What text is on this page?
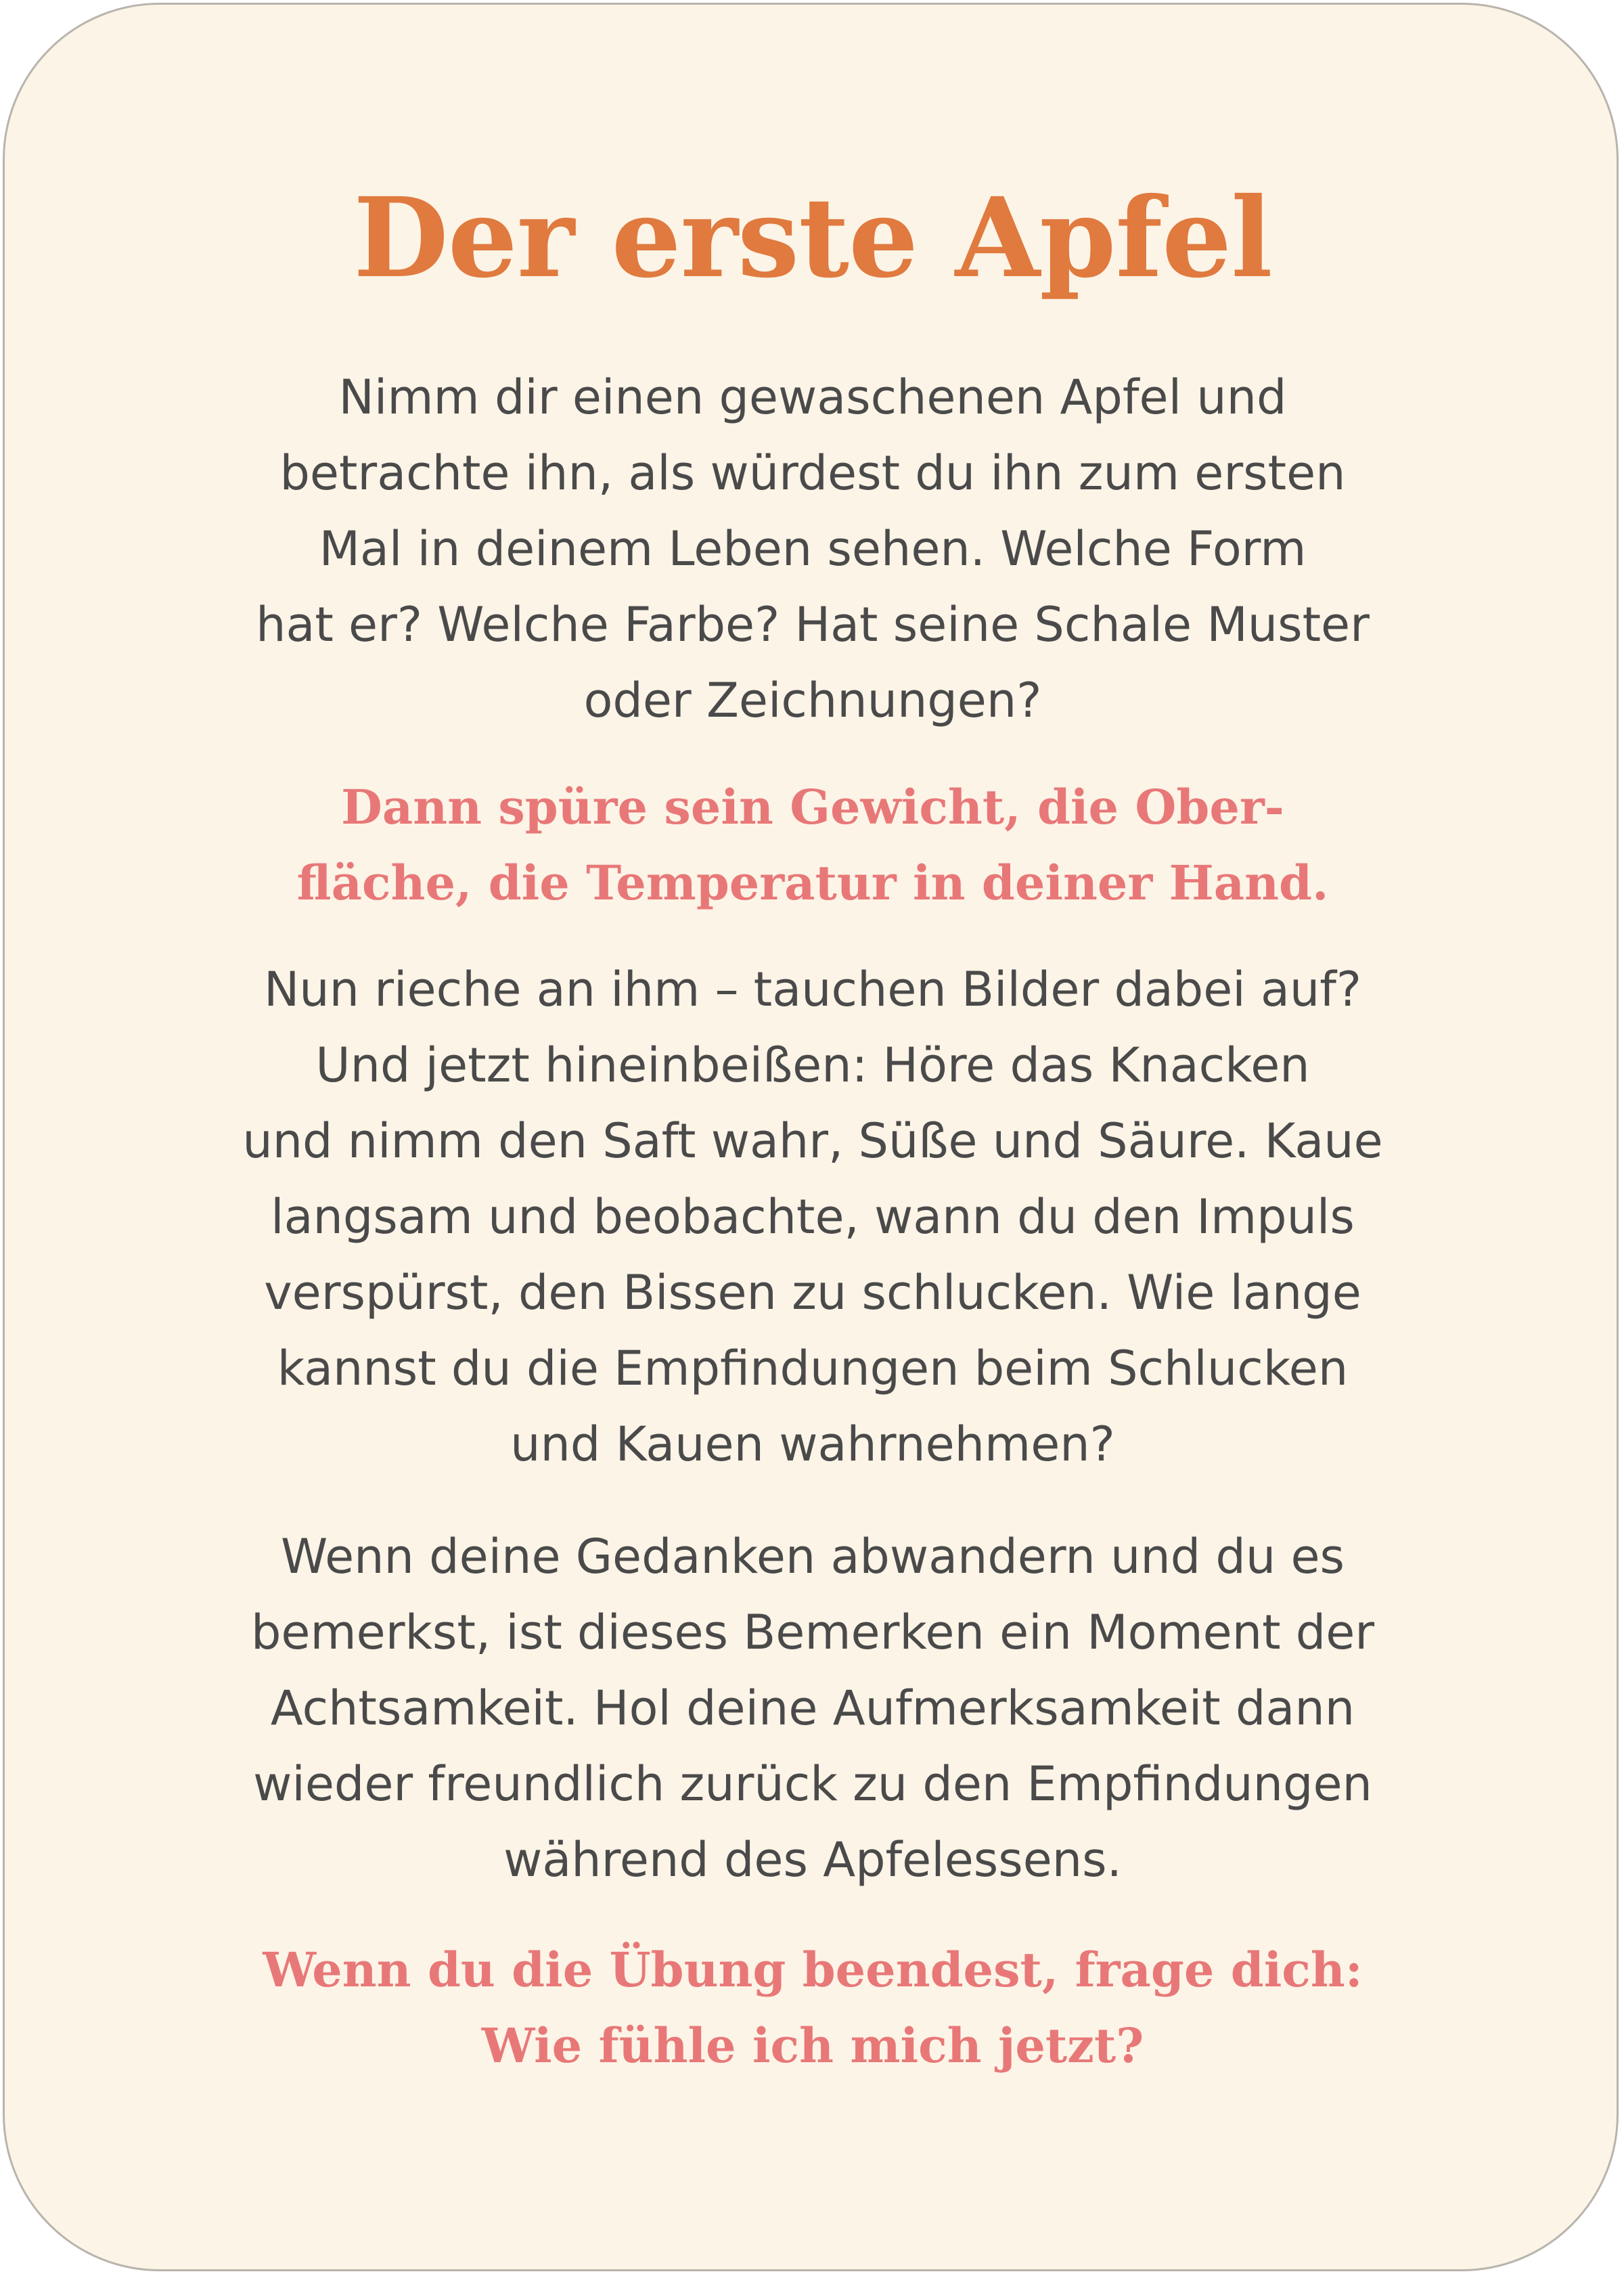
Der erste Apfel

Nimm dir einen gewaschenen Apfel und
betrachte ihn, als würdest du ihn zum ersten
Mal in deinem Leben sehen. Welche Form
hat er? Welche Farbe? Hat seine Schale Muster
oder Zeichnungen?

Dann spüre sein Gewicht, die Ober-
fläche, die Temperatur in deiner Hand.

Nun rieche an ihm – tauchen Bilder dabei auf?
Und jetzt hineinbeißen: Höre das Knacken
und nimm den Saft wahr, Süße und Säure. Kaue
langsam und beobachte, wann du den Impuls
verspürst, den Bissen zu schlucken. Wie lange
kannst du die Empfindungen beim Schlucken
und Kauen wahrnehmen?

Wenn deine Gedanken abwandern und du es
bemerkst, ist dieses Bemerken ein Moment der
Achtsamkeit. Hol deine Aufmerksamkeit dann
wieder freundlich zurück zu den Empfindungen
während des Apfelessens.

Wenn du die Übung beendest, frage dich:
Wie fühle ich mich jetzt?
